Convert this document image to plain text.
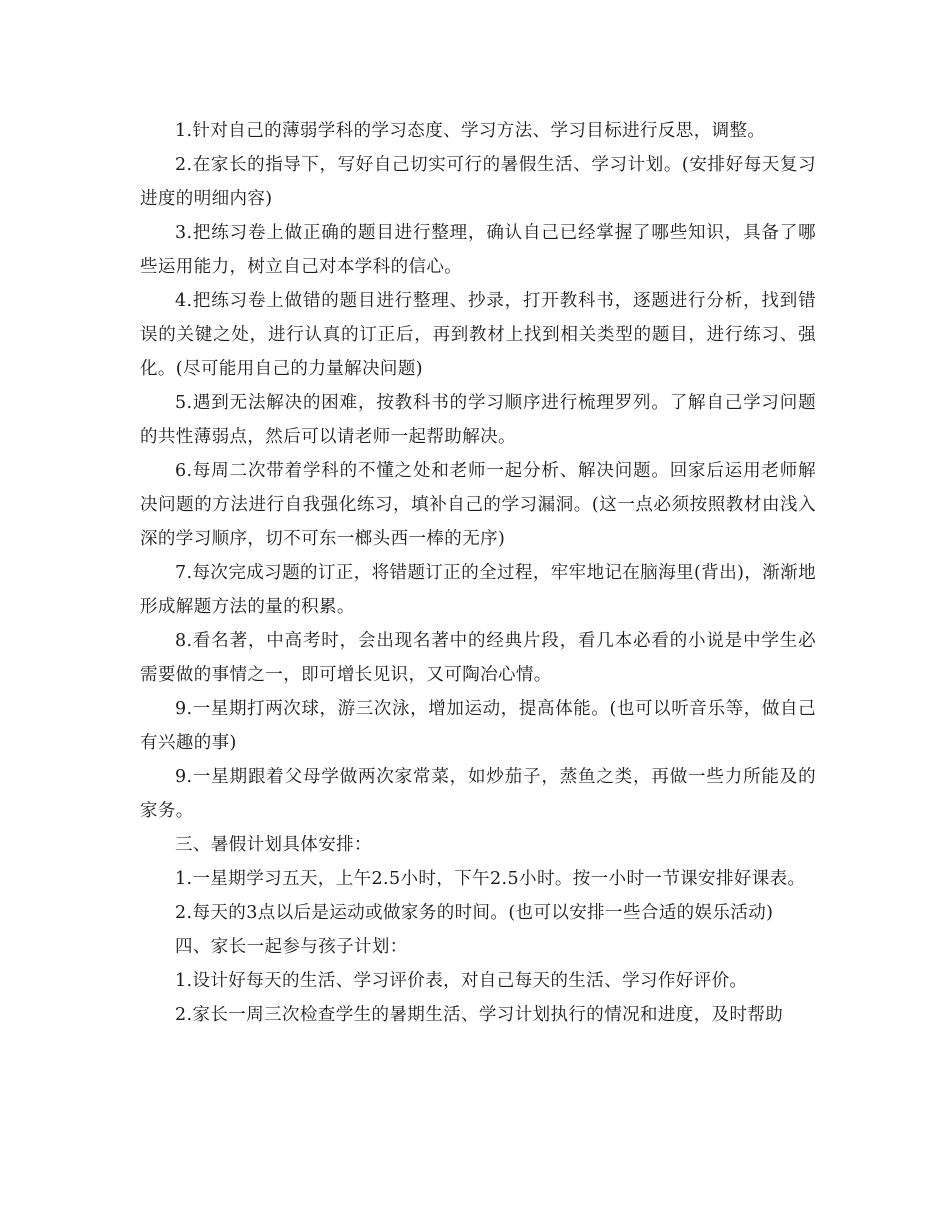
1.针对自己的薄弱学科的学习态度、学习方法、学习目标进行反思，调整。

2.在家长的指导下，写好自己切实可行的暑假生活、学习计划。(安排好每天复习进度的明细内容)

3.把练习卷上做正确的题目进行整理，确认自己已经掌握了哪些知识，具备了哪些运用能力，树立自己对本学科的信心。

4.把练习卷上做错的题目进行整理、抄录，打开教科书，逐题进行分析，找到错误的关键之处，进行认真的订正后，再到教材上找到相关类型的题目，进行练习、强化。(尽可能用自己的力量解决问题)

5.遇到无法解决的困难，按教科书的学习顺序进行梳理罗列。了解自己学习问题的共性薄弱点，然后可以请老师一起帮助解决。

6.每周二次带着学科的不懂之处和老师一起分析、解决问题。回家后运用老师解决问题的方法进行自我强化练习，填补自己的学习漏洞。(这一点必须按照教材由浅入深的学习顺序，切不可东一榔头西一棒的无序)

7.每次完成习题的订正，将错题订正的全过程，牢牢地记在脑海里(背出)，渐渐地形成解题方法的量的积累。

8.看名著，中高考时，会出现名著中的经典片段，看几本必看的小说是中学生必需要做的事情之一，即可增长见识，又可陶冶心情。

9.一星期打两次球，游三次泳，增加运动，提高体能。(也可以听音乐等，做自己有兴趣的事)

9.一星期跟着父母学做两次家常菜，如炒茄子，蒸鱼之类，再做一些力所能及的家务。

三、暑假计划具体安排：

1.一星期学习五天，上午2.5小时，下午2.5小时。按一小时一节课安排好课表。

2.每天的3点以后是运动或做家务的时间。(也可以安排一些合适的娱乐活动)

四、家长一起参与孩子计划：

1.设计好每天的生活、学习评价表，对自己每天的生活、学习作好评价。

2.家长一周三次检查学生的暑期生活、学习计划执行的情况和进度，及时帮助
